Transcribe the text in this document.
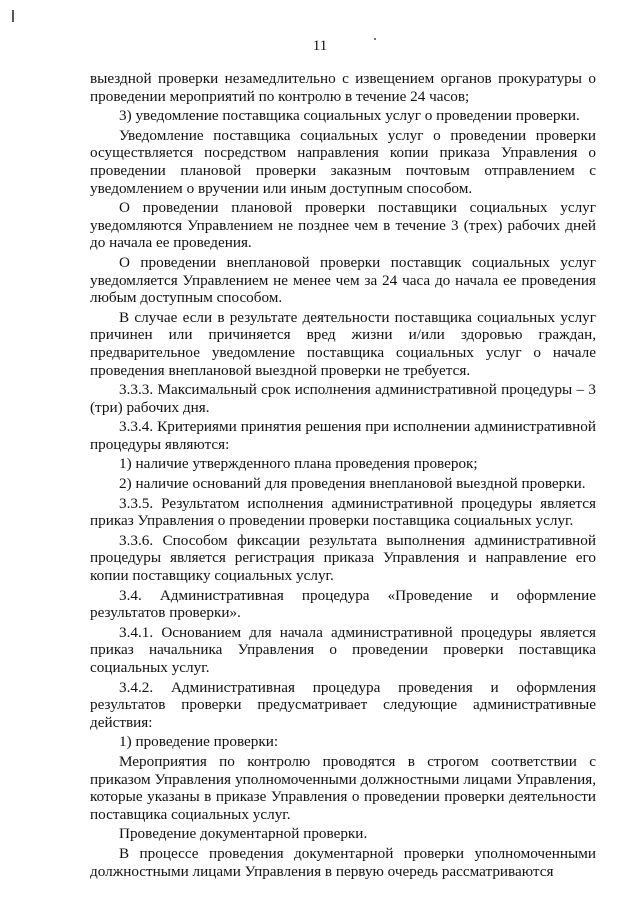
11

выездной проверки незамедлительно с извещением органов прокуратуры о проведении мероприятий по контролю в течение 24 часов;

3) уведомление поставщика социальных услуг о проведении проверки.

Уведомление поставщика социальных услуг о проведении проверки осуществляется посредством направления копии приказа Управления о проведении плановой проверки заказным почтовым отправлением с уведомлением о вручении или иным доступным способом.

О проведении плановой проверки поставщики социальных услуг уведомляются Управлением не позднее чем в течение 3 (трех) рабочих дней до начала ее проведения.

О проведении внеплановой проверки поставщик социальных услуг уведомляется Управлением не менее чем за 24 часа до начала ее проведения любым доступным способом.

В случае если в результате деятельности поставщика социальных услуг причинен или причиняется вред жизни и/или здоровью граждан, предварительное уведомление поставщика социальных услуг о начале проведения внеплановой выездной проверки не требуется.

3.3.3. Максимальный срок исполнения административной процедуры – 3 (три) рабочих дня.

3.3.4. Критериями принятия решения при исполнении административной процедуры являются:

1) наличие утвержденного плана проведения проверок;

2) наличие оснований для проведения внеплановой выездной проверки.

3.3.5. Результатом исполнения административной процедуры является приказ Управления о проведении проверки поставщика социальных услуг.

3.3.6. Способом фиксации результата выполнения административной процедуры является регистрация приказа Управления и направление его копии поставщику социальных услуг.

3.4. Административная процедура «Проведение и оформление результатов проверки».

3.4.1. Основанием для начала административной процедуры является приказ начальника Управления о проведении проверки поставщика социальных услуг.

3.4.2. Административная процедура проведения и оформления результатов проверки предусматривает следующие административные действия:

1) проведение проверки:

Мероприятия по контролю проводятся в строгом соответствии с приказом Управления уполномоченными должностными лицами Управления, которые указаны в приказе Управления о проведении проверки деятельности поставщика социальных услуг.

Проведение документарной проверки.

В процессе проведения документарной проверки уполномоченными должностными лицами Управления в первую очередь рассматриваются
